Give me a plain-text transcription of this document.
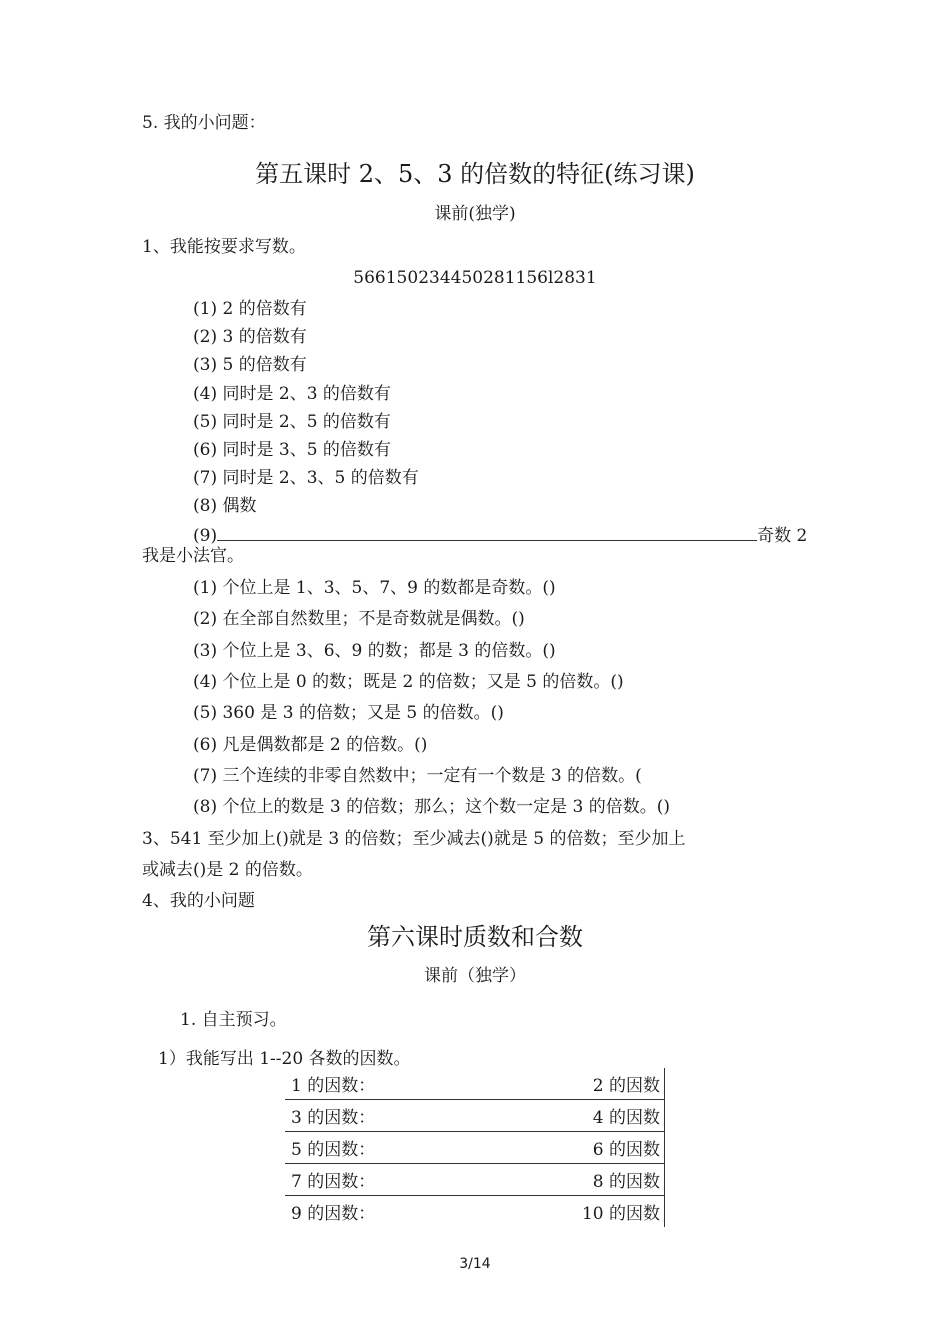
5. 我的小问题：
第五课时 2、5、3 的倍数的特征(练习课)
课前(独学)
1、我能按要求写数。
566150234450281156l2831
(1) 2 的倍数有
(2) 3 的倍数有
(3) 5 的倍数有
(4) 同时是 2、3 的倍数有
(5) 同时是 2、5 的倍数有
(6) 同时是 3、5 的倍数有
(7) 同时是 2、3、5 的倍数有
(8) 偶数
(9)	奇数 2
我是小法官。
(1) 个位上是 1、3、5、7、9 的数都是奇数。()
(2) 在全部自然数里；不是奇数就是偶数。()
(3) 个位上是 3、6、9 的数；都是 3 的倍数。()
(4) 个位上是 0 的数；既是 2 的倍数；又是 5 的倍数。()
(5) 360 是 3 的倍数；又是 5 的倍数。()
(6) 凡是偶数都是 2 的倍数。()
(7) 三个连续的非零自然数中；一定有一个数是 3 的倍数。(
(8) 个位上的数是 3 的倍数；那么；这个数一定是 3 的倍数。()
3、541 至少加上()就是 3 的倍数；至少减去()就是 5 的倍数；至少加上
或减去()是 2 的倍数。
4、我的小问题
第六课时质数和合数
课前（独学）
1. 自主预习。
1）我能写出 1--20 各数的因数。
1 的因数：	2 的因数
3 的因数：	4 的因数
5 的因数：	6 的因数
7 的因数：	8 的因数
9 的因数：	10 的因数
3/14
